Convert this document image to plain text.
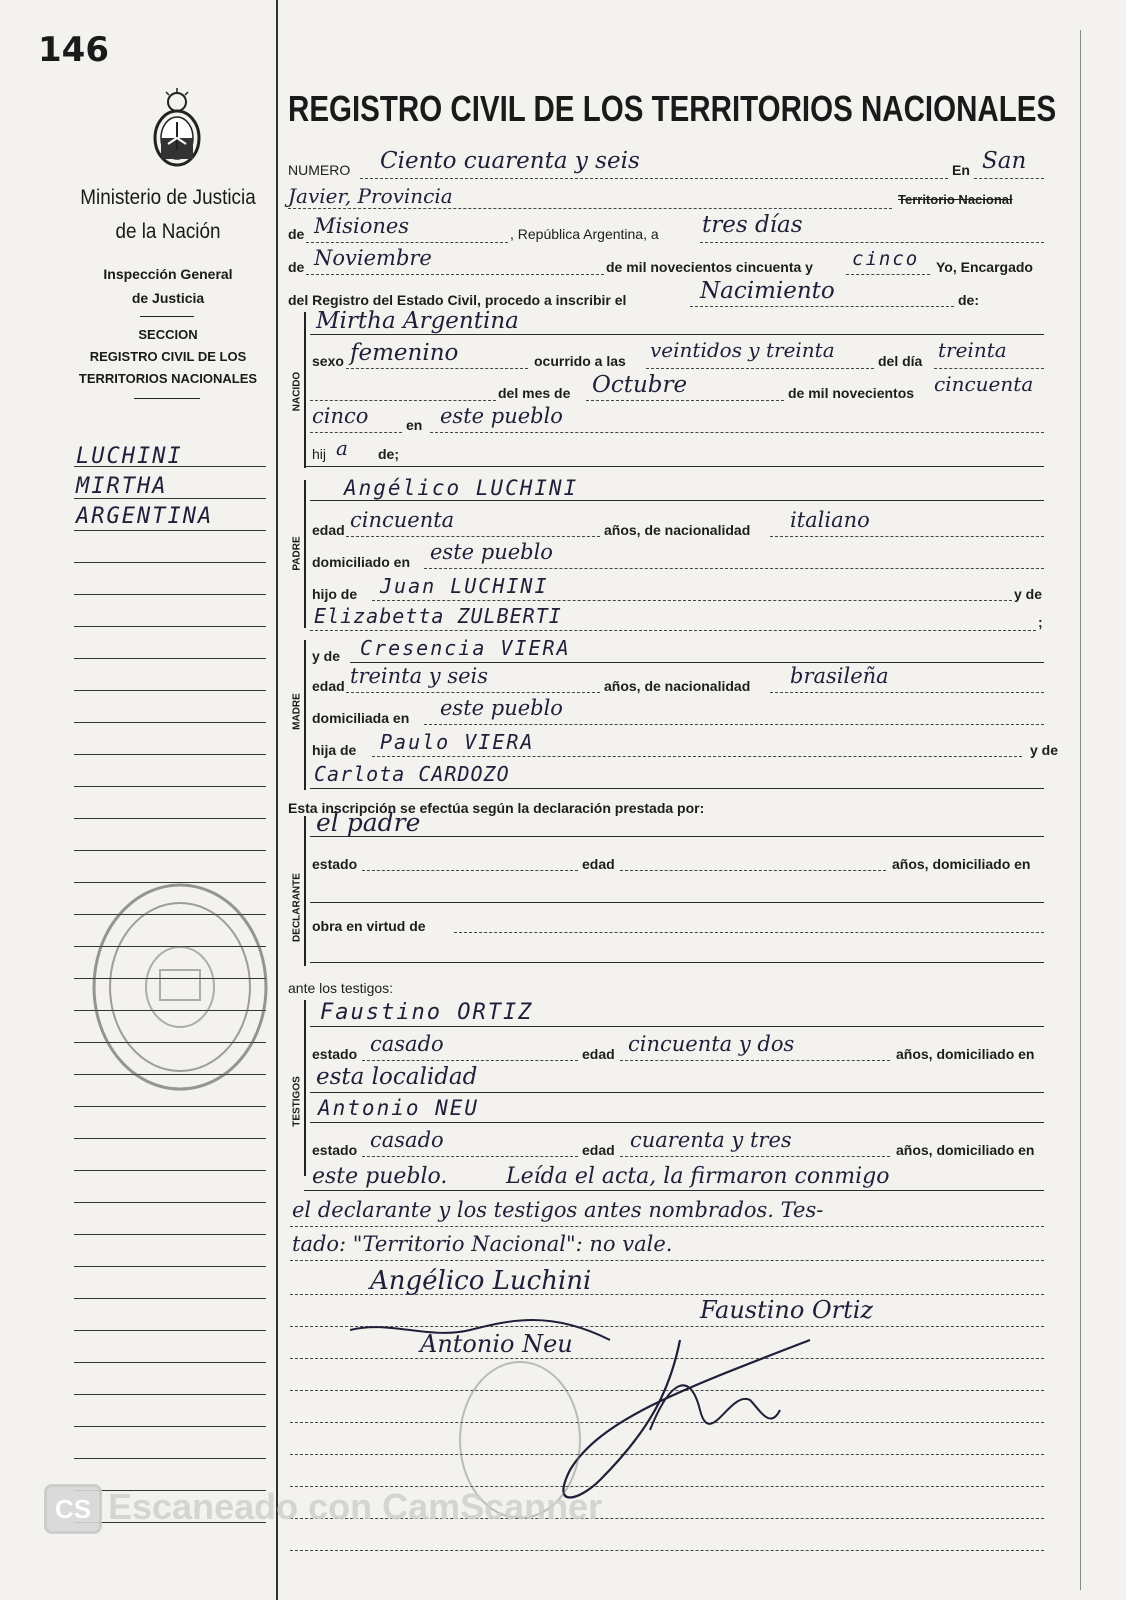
146
Ministerio de Justicia
de la Nación
Inspección General
de Justicia
SECCION
REGISTRO CIVIL DE LOS
TERRITORIOS NACIONALES
LUCHINI
MIRTHA
ARGENTINA
REGISTRO CIVIL DE LOS TERRITORIOS NACIONALES
NUMERO Ciento cuarenta y seis	En San
Javier, Provincia	Territorio Nacional
de Misiones	, República Argentina, a tres días
de Noviembre	de mil novecientos cincuenta y cinco Yo, Encargado
del Registro del Estado Civil, procedo a inscribir el	Nacimiento	de:
NACIDO
Mirtha Argentina
sexo femenino	ocurrido a las veintidos y treinta	del día treinta
del mes de Octubre	de mil novecientos cincuenta
cinco	en este pueblo
hij a de;
PADRE
Angélico LUCHINI
edad cincuenta	años, de nacionalidad italiano
domiciliado en este pueblo
hijo de Juan LUCHINI	y de
Elizabetta ZULBERTI	;
MADRE
y de Cresencia VIERA
edad treinta y seis	años, de nacionalidad brasileña
domiciliada en este pueblo
hija de Paulo VIERA	y de
Carlota CARDOZO
Esta inscripción se efectúa según la declaración prestada por:
DECLARANTE
el padre
estado	edad	años, domiciliado en
obra en virtud de
ante los testigos:
TESTIGOS
Faustino ORTIZ
estado casado	edad cincuenta y dos	años, domiciliado en
esta localidad
Antonio NEU
estado casado	edad cuarenta y tres	años, domiciliado en
este pueblo.	Leída el acta, la firmaron conmigo
el declarante y los testigos antes nombrados. Tes-
tado: "Territorio Nacional": no vale.
Angélico Luchini
Faustino Ortiz
Antonio Neu
CS Escaneado con CamScanner
